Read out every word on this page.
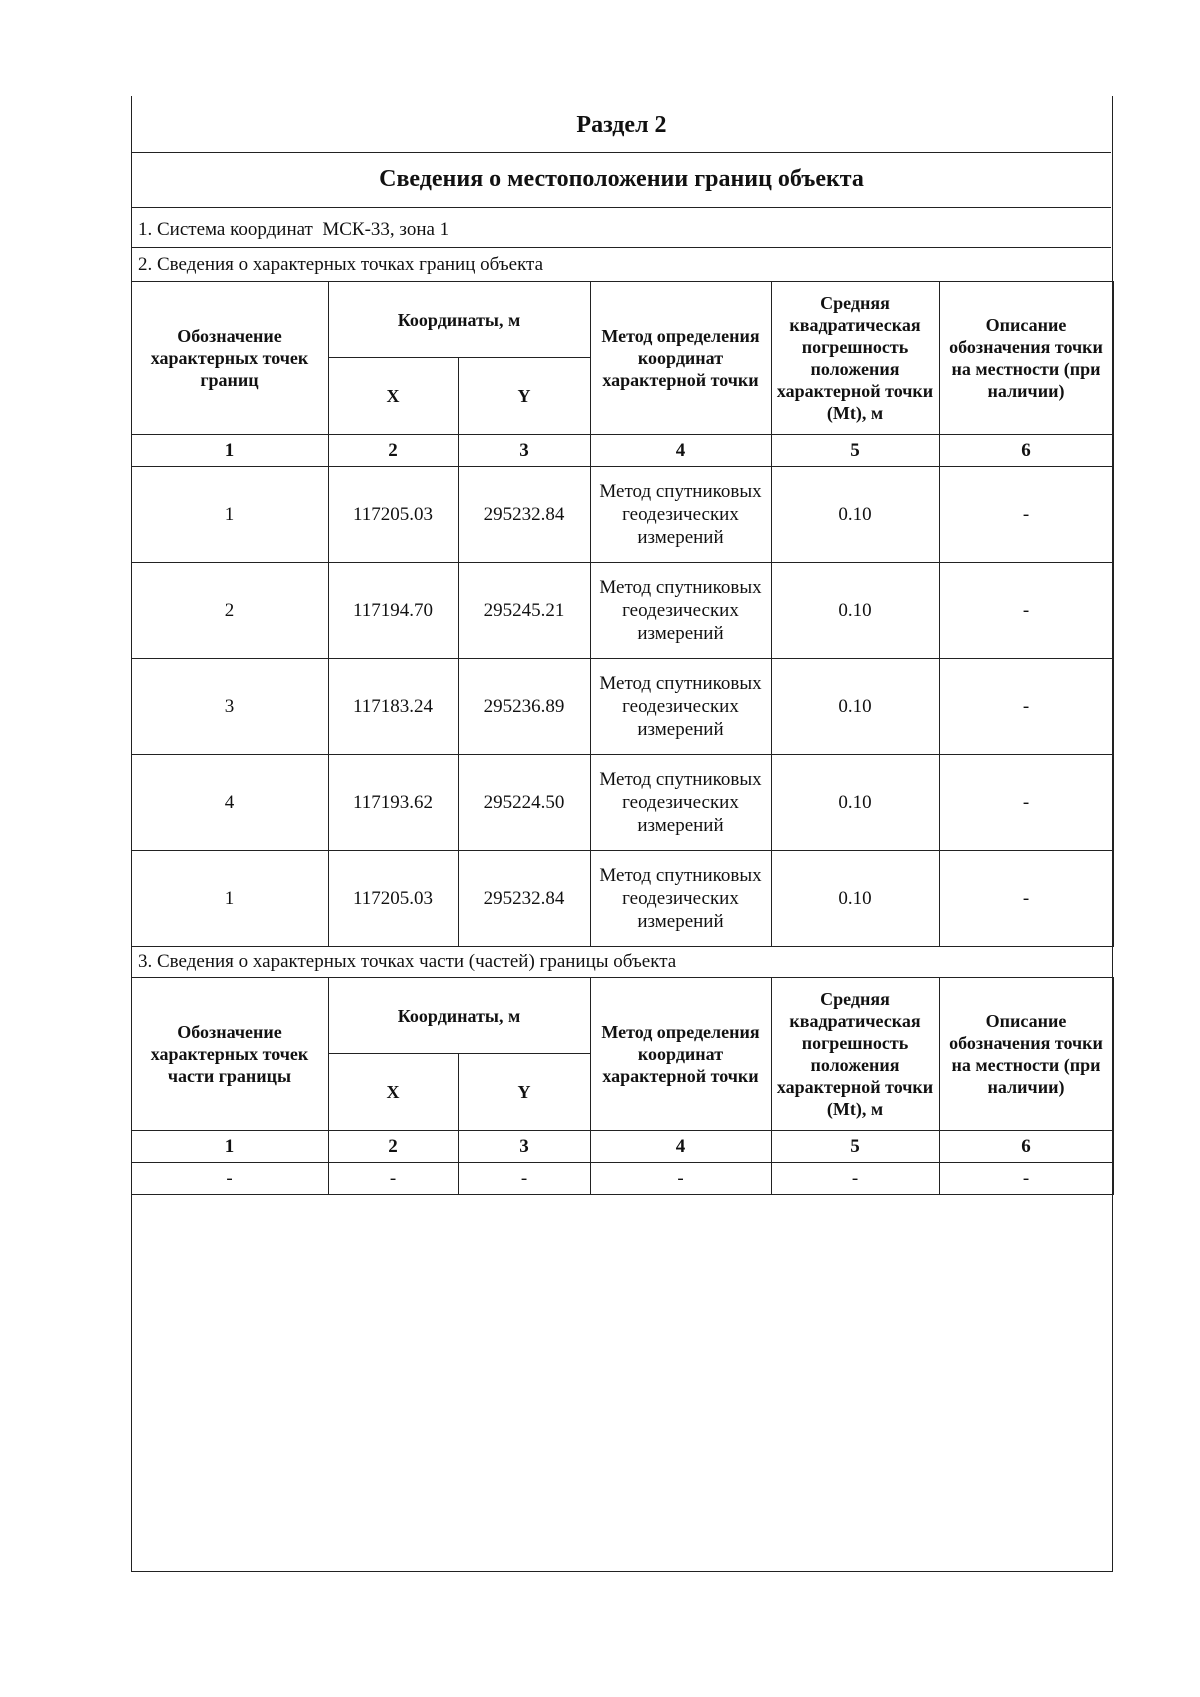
Раздел 2
Сведения о местоположении границ объекта
1. Система координат МСК-33, зона 1
2. Сведения о характерных точках границ объекта
Обозначение характерных точек границ	Координаты, м		Метод определения координат характерной точки	Средняя квадратическая погрешность положения характерной точки (Mt), м	Описание обозначения точки на местности (при наличии)
	X	Y			
1	2	3	4	5	6
1	117205.03	295232.84	Метод спутниковых геодезических измерений	0.10	-
2	117194.70	295245.21	Метод спутниковых геодезических измерений	0.10	-
3	117183.24	295236.89	Метод спутниковых геодезических измерений	0.10	-
4	117193.62	295224.50	Метод спутниковых геодезических измерений	0.10	-
1	117205.03	295232.84	Метод спутниковых геодезических измерений	0.10	-
3. Сведения о характерных точках части (частей) границы объекта
Обозначение характерных точек части границы	Координаты, м		Метод определения координат характерной точки	Средняя квадратическая погрешность положения характерной точки (Mt), м	Описание обозначения точки на местности (при наличии)
	X	Y			
1	2	3	4	5	6
-	-	-	-	-	-
